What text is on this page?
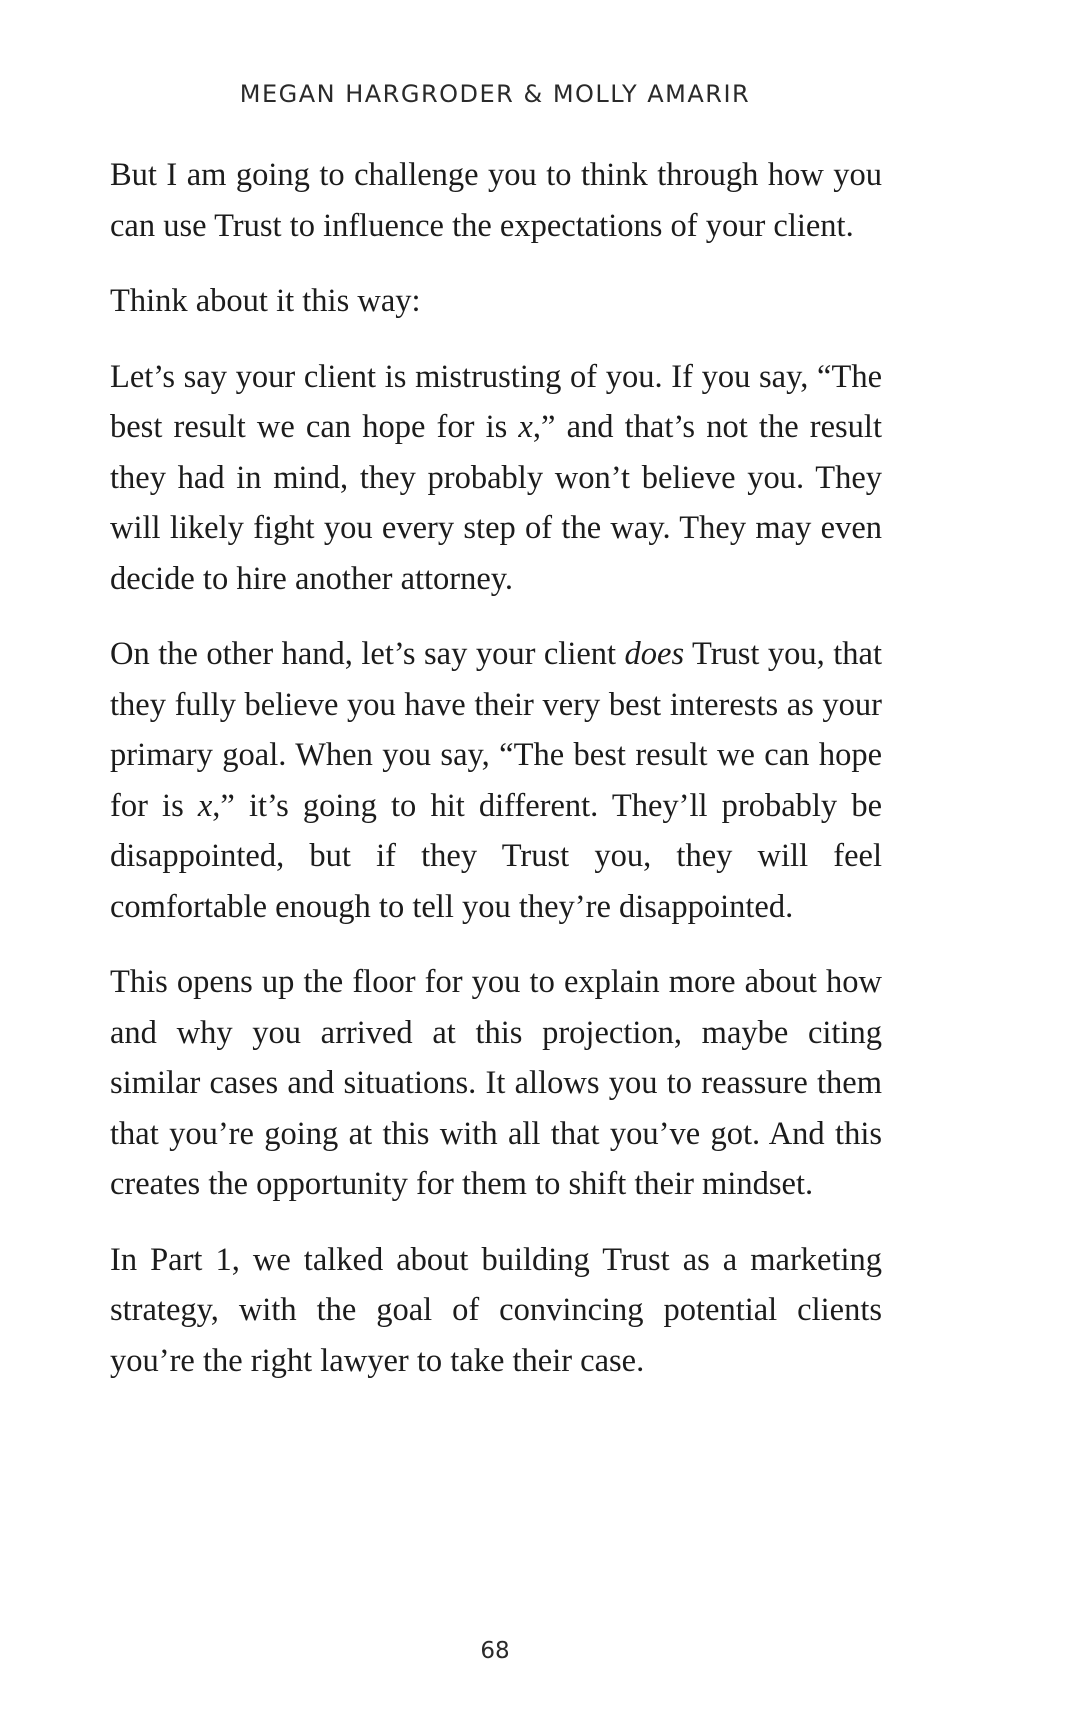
MEGAN HARGRODER & MOLLY AMARIR

But I am going to challenge you to think through how you can use Trust to influence the expectations of your client.

Think about it this way:

Let’s say your client is mistrusting of you. If you say, “The best result we can hope for is x,” and that’s not the result they had in mind, they probably won’t believe you. They will likely fight you every step of the way. They may even decide to hire another attorney.

On the other hand, let’s say your client does Trust you, that they fully believe you have their very best interests as your primary goal. When you say, “The best result we can hope for is x,” it’s going to hit different. They’ll probably be disappointed, but if they Trust you, they will feel comfortable enough to tell you they’re disappointed.

This opens up the floor for you to explain more about how and why you arrived at this projection, maybe citing similar cases and situations. It allows you to reassure them that you’re going at this with all that you’ve got. And this creates the opportunity for them to shift their mindset.

In Part 1, we talked about building Trust as a marketing strategy, with the goal of convincing potential clients you’re the right lawyer to take their case.

68
